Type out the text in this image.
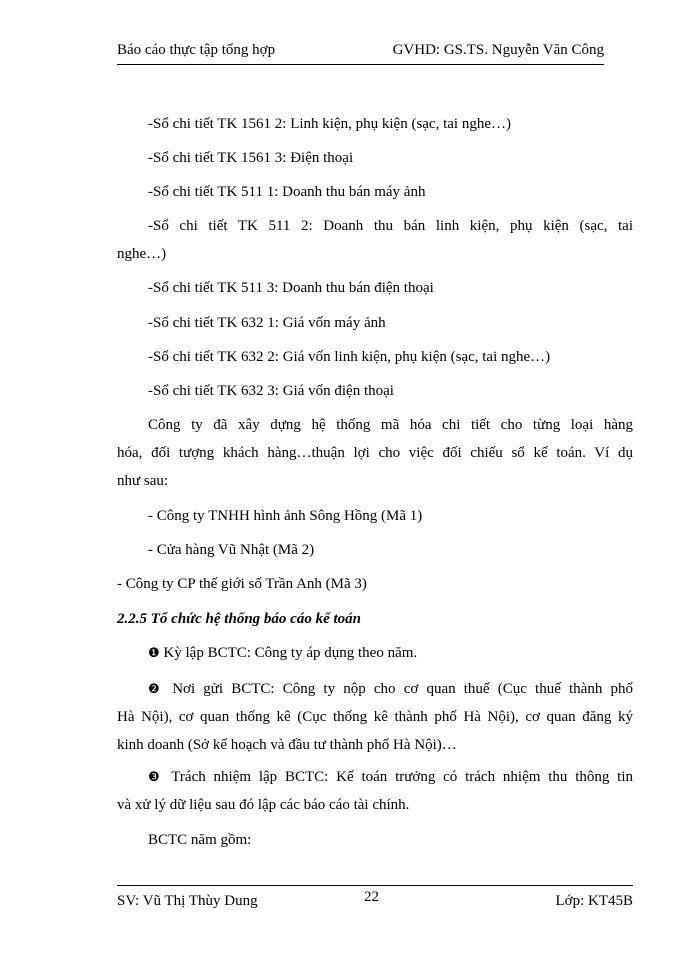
Báo cáo thực tập tổng hợp	GVHD: GS.TS. Nguyễn Văn Công
-Sổ chi tiết TK 1561 2: Linh kiện, phụ kiện (sạc, tai nghe…)
-Sổ chi tiết TK 1561 3: Điện thoại
-Sổ chi tiết TK 511 1: Doanh thu bán máy ảnh
-Sổ chi tiết TK 511 2: Doanh thu bán linh kiện, phụ kiện (sạc, tai
nghe…)
-Sổ chi tiết TK 511 3: Doanh thu bán điện thoại
-Sổ chi tiết TK 632 1: Giá vốn máy ảnh
-Sổ chi tiết TK 632 2: Giá vốn linh kiện, phụ kiện (sạc, tai nghe…)
-Sổ chi tiết TK 632 3: Giá vốn điện thoại
Công ty đã xây dựng hệ thống mã hóa chi tiết cho từng loại hàng
hóa, đối tượng khách hàng…thuận lợi cho việc đối chiếu sổ kế toán. Ví dụ
như sau:
- Công ty TNHH hình ảnh Sông Hồng (Mã 1)
- Cửa hàng Vũ Nhật (Mã 2)
- Công ty CP thế giới số Trần Anh (Mã 3)
2.2.5 Tổ chức hệ thống báo cáo kế toán
❶ Kỳ lập BCTC: Công ty áp dụng theo năm.
❷ Nơi gửi BCTC: Công ty nộp cho cơ quan thuế (Cục thuế thành phố
Hà Nội), cơ quan thống kê (Cục thống kê thành phố Hà Nội), cơ quan đăng ký
kinh doanh (Sở kế hoạch và đầu tư thành phố Hà Nội)…
❸ Trách nhiệm lập BCTC: Kế toán trưởng có trách nhiệm thu thông tin
và xử lý dữ liệu sau đó lập các báo cáo tài chính.
BCTC năm gồm:
SV: Vũ Thị Thùy Dung	22	Lớp: KT45B
